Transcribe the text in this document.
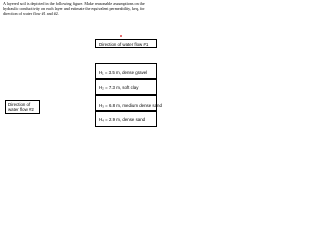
A layered soil is depicted in the following figure. Make reasonable assumptions on the
hydraulic conductivity on each layer and estimate the equivalent permeability, keq, for
direction of water flow #1 and #2.
Direction of water flow #1
Direction of
water flow #2
H₁ = 3.5 m, dense gravel
H₂ = 7.3 m, soft clay
H₃ = 6.8 m, medium dense sand
H₄ = 2.9 m, dense sand
